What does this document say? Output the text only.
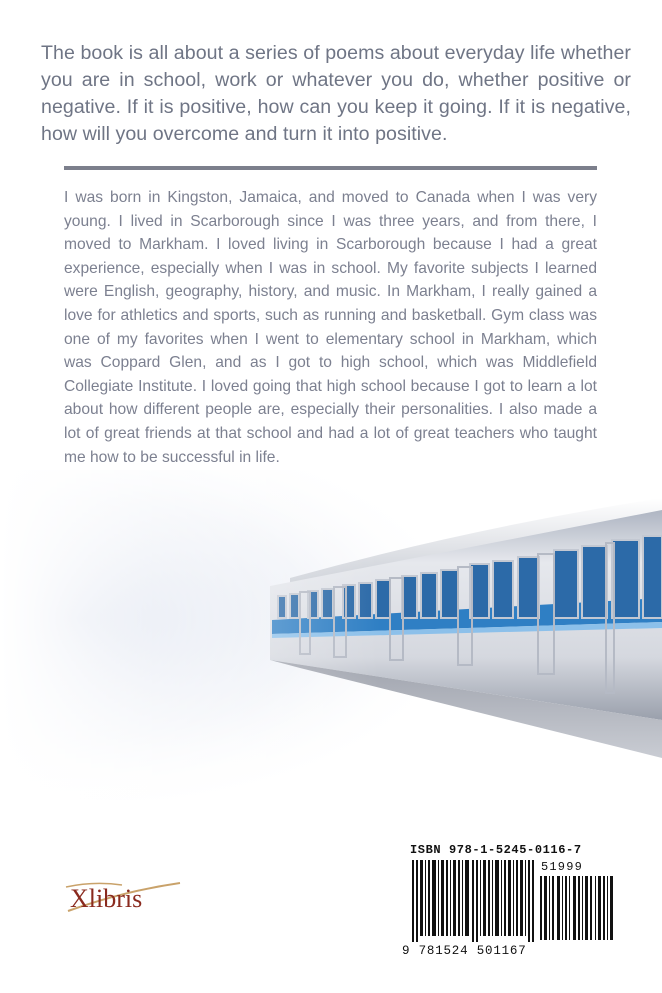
The book is all about a series of poems about everyday life whether you are in school, work or whatever you do, whether positive or negative. If it is positive, how can you keep it going. If it is negative, how will you overcome and turn it into positive.

I was born in Kingston, Jamaica, and moved to Canada when I was very young. I lived in Scarborough since I was three years, and from there, I moved to Markham. I loved living in Scarborough because I had a great experience, especially when I was in school. My favorite subjects I learned were English, geography, history, and music. In Markham, I really gained a love for athletics and sports, such as running and basketball. Gym class was one of my favorites when I went to elementary school in Markham, which was Coppard Glen, and as I got to high school, which was Middlefield Collegiate Institute. I loved going that high school because I got to learn a lot about how different people are, especially their personalities. I also made a lot of great friends at that school and had a lot of great teachers who taught me how to be successful in life.

Xlibris
ISBN 978-1-5245-0116-7
51999
9 781524 501167
